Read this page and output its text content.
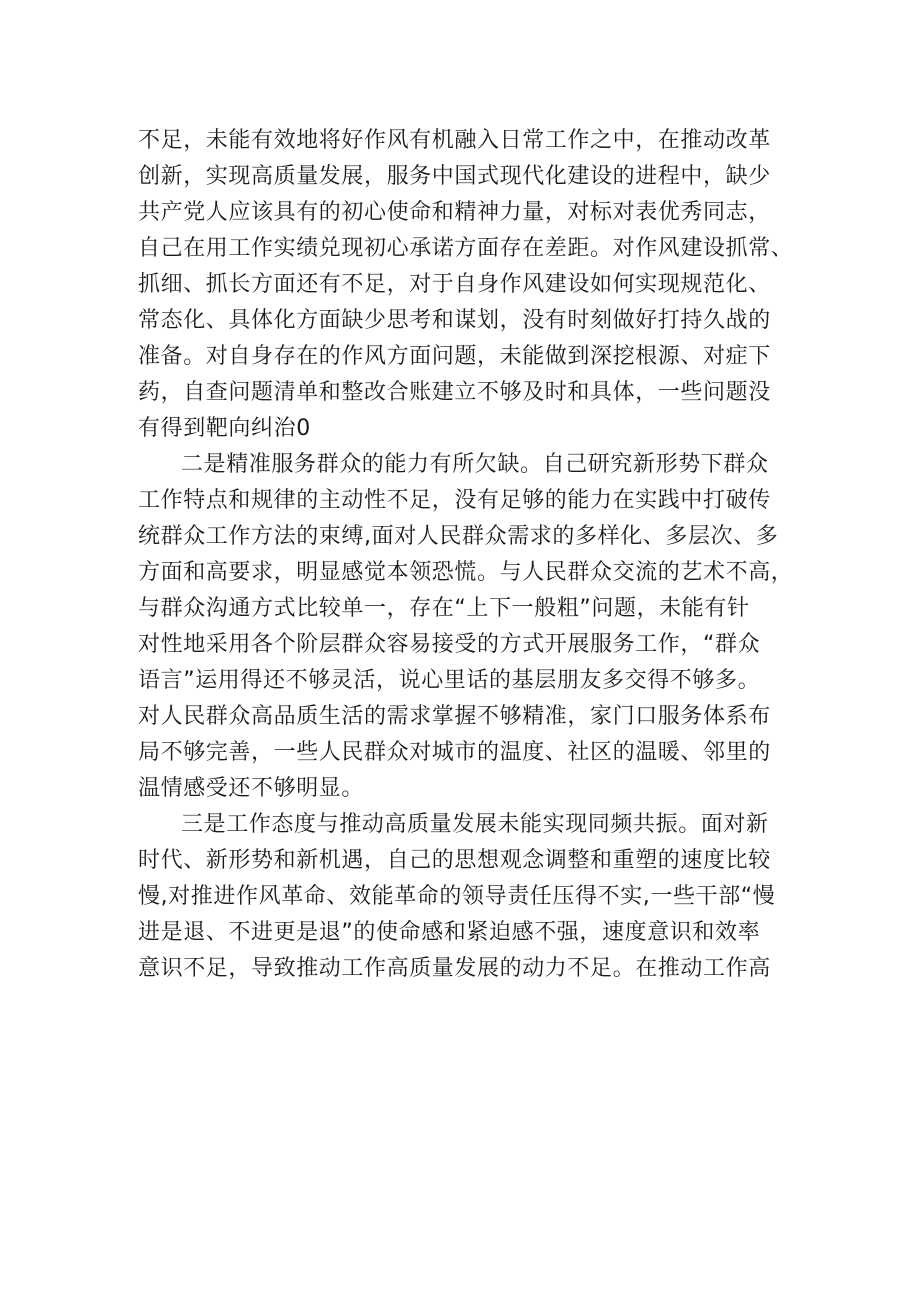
不足，未能有效地将好作风有机融入日常工作之中，在推动改革

创新，实现高质量发展，服务中国式现代化建设的进程中，缺少

共产党人应该具有的初心使命和精神力量，对标对表优秀同志，

自己在用工作实绩兑现初心承诺方面存在差距。对作风建设抓常、

抓细、抓长方面还有不足，对于自身作风建设如何实现规范化、

常态化、具体化方面缺少思考和谋划，没有时刻做好打持久战的

准备。对自身存在的作风方面问题，未能做到深挖根源、对症下

药，自查问题清单和整改合账建立不够及时和具体，一些问题没

有得到靶向纠治0

二是精准服务群众的能力有所欠缺。自己研究新形势下群众

工作特点和规律的主动性不足，没有足够的能力在实践中打破传

统群众工作方法的束缚,面对人民群众需求的多样化、多层次、多

方面和高要求，明显感觉本领恐慌。与人民群众交流的艺术不高，

与群众沟通方式比较单一，存在“上下一般粗”问题，未能有针

对性地采用各个阶层群众容易接受的方式开展服务工作，“群众

语言”运用得还不够灵活，说心里话的基层朋友多交得不够多。

对人民群众高品质生活的需求掌握不够精准，家门口服务体系布

局不够完善，一些人民群众对城市的温度、社区的温暖、邻里的

温情感受还不够明显。

三是工作态度与推动高质量发展未能实现同频共振。面对新

时代、新形势和新机遇，自己的思想观念调整和重塑的速度比较

慢,对推进作风革命、效能革命的领导责任压得不实,一些干部“慢

进是退、不进更是退”的使命感和紧迫感不强，速度意识和效率

意识不足，导致推动工作高质量发展的动力不足。在推动工作高
